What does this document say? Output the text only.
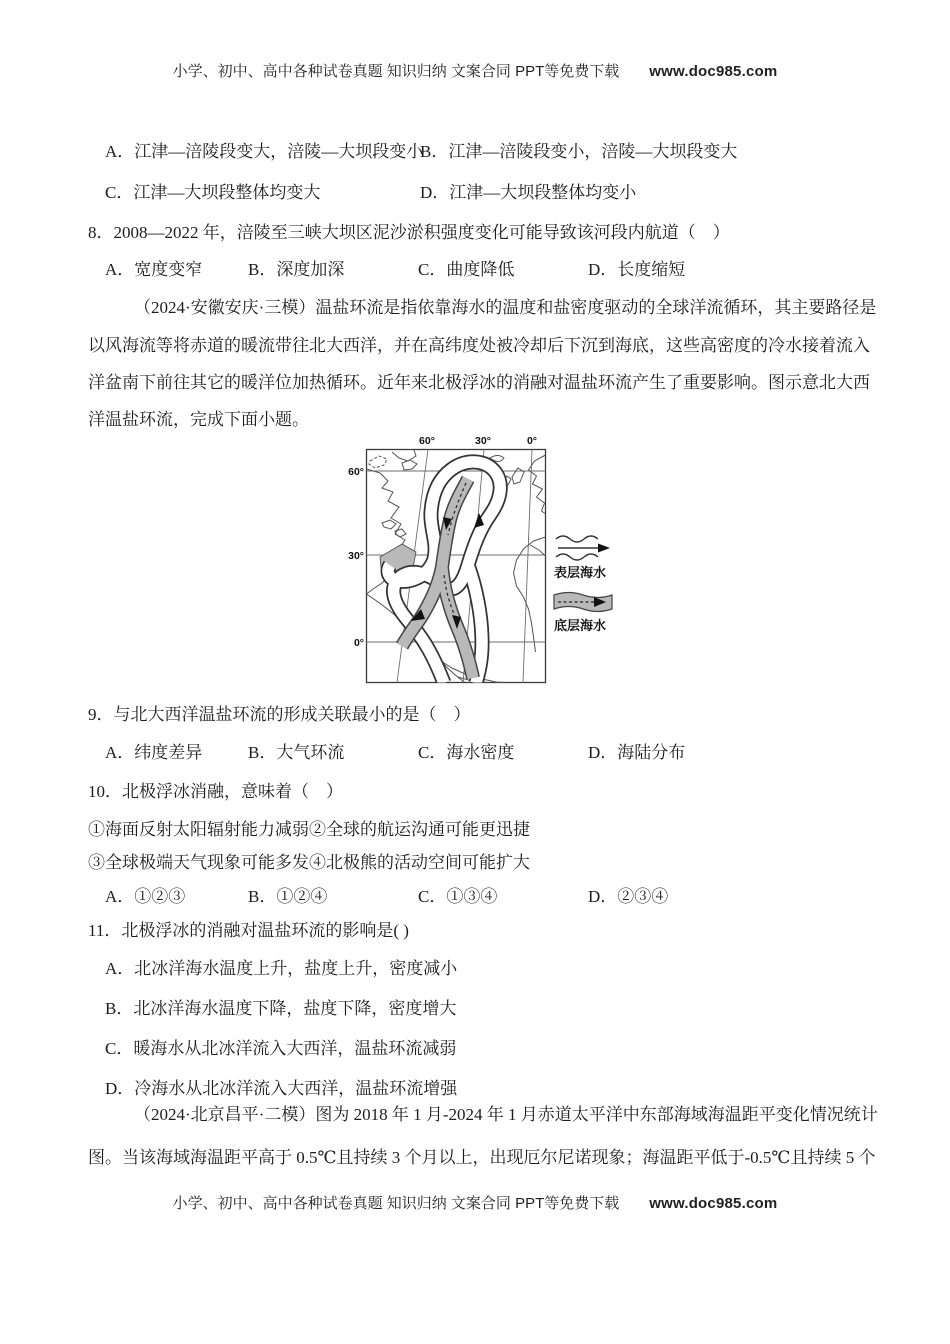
小学、初中、高中各种试卷真题 知识归纳 文案合同 PPT等免费下载 www.doc985.com
A．江津—涪陵段变大，涪陵—大坝段变小
B．江津—涪陵段变小，涪陵—大坝段变大
C．江津—大坝段整体均变大	D．江津—大坝段整体均变小
8．2008—2022 年，涪陵至三峡大坝区泥沙淤积强度变化可能导致该河段内航道（　）
A．宽度变窄	B．深度加深	C．曲度降低	D．长度缩短
（2024·安徽安庆·三模）温盐环流是指依靠海水的温度和盐密度驱动的全球洋流循环，其主要路径是
以风海流等将赤道的暖流带往北大西洋，并在高纬度处被冷却后下沉到海底，这些高密度的冷水接着流入
洋盆南下前往其它的暖洋位加热循环。近年来北极浮冰的消融对温盐环流产生了重要影响。图示意北大西
洋温盐环流，完成下面小题。
60°	30°	0°
60°
30°
0°
表层海水
底层海水
9．与北大西洋温盐环流的形成关联最小的是（　）
A．纬度差异	B．大气环流	C．海水密度	D．海陆分布
10．北极浮冰消融，意味着（　）
①海面反射太阳辐射能力减弱②全球的航运沟通可能更迅捷
③全球极端天气现象可能多发④北极熊的活动空间可能扩大
A．①②③	B．①②④	C．①③④	D．②③④
11．北极浮冰的消融对温盐环流的影响是( )
A．北冰洋海水温度上升，盐度上升，密度减小
B．北冰洋海水温度下降，盐度下降，密度增大
C．暖海水从北冰洋流入大西洋，温盐环流减弱
D．冷海水从北冰洋流入大西洋，温盐环流增强
（2024·北京昌平·二模）图为 2018 年 1 月-2024 年 1 月赤道太平洋中东部海域海温距平变化情况统计
图。当该海域海温距平高于 0.5℃且持续 3 个月以上，出现厄尔尼诺现象；海温距平低于-0.5℃且持续 5 个
小学、初中、高中各种试卷真题 知识归纳 文案合同 PPT等免费下载 www.doc985.com
